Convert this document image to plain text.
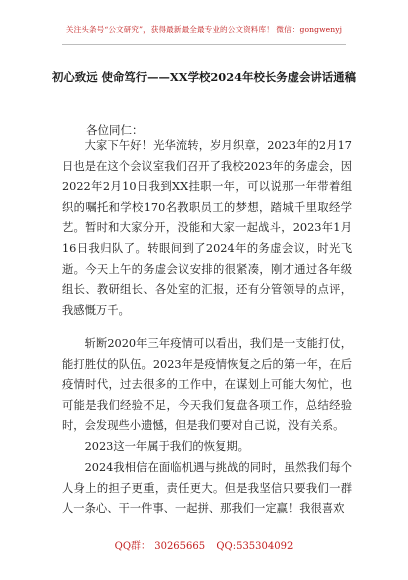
关注头条号“公文研究”，获得最新最全最专业的公文资料库！ 微信：gongwenyj
初心致远 使命笃行——XX学校2024年校长务虚会讲话通稿
各位同仁：

大家下午好！光华流转，岁月织章，2023年的2月17日也是在这个会议室我们召开了我校2023年的务虚会，因2022年2月10日我到XX挂职一年，可以说那一年带着组织的嘱托和学校170名教职员工的梦想，踏城千里取经学艺。暂时和大家分开，没能和大家一起战斗，2023年1月16日我归队了。转眼间到了2024年的务虚会议，时光飞逝。今天上午的务虚会议安排的很紧凑，刚才通过各年级组长、教研组长、各处室的汇报，还有分管领导的点评，我感慨万千。

斩断2020年三年疫情可以看出，我们是一支能打仗，能打胜仗的队伍。2023年是疫情恢复之后的第一年，在后疫情时代，过去很多的工作中，在谋划上可能大匆忙，也可能是我们经验不足，今天我们复盘各项工作，总结经验时，会发现些小遗憾，但是我们要对自己说，没有关系。

2023这一年属于我们的恢复期。

2024我相信在面临机遇与挑战的同时，虽然我们每个人身上的担子更重，责任更大。但是我坚信只要我们一群人一条心、干一件事、一起拼、那我们一定赢！我很喜欢

QQ群： 30265665 QQ:535304092
